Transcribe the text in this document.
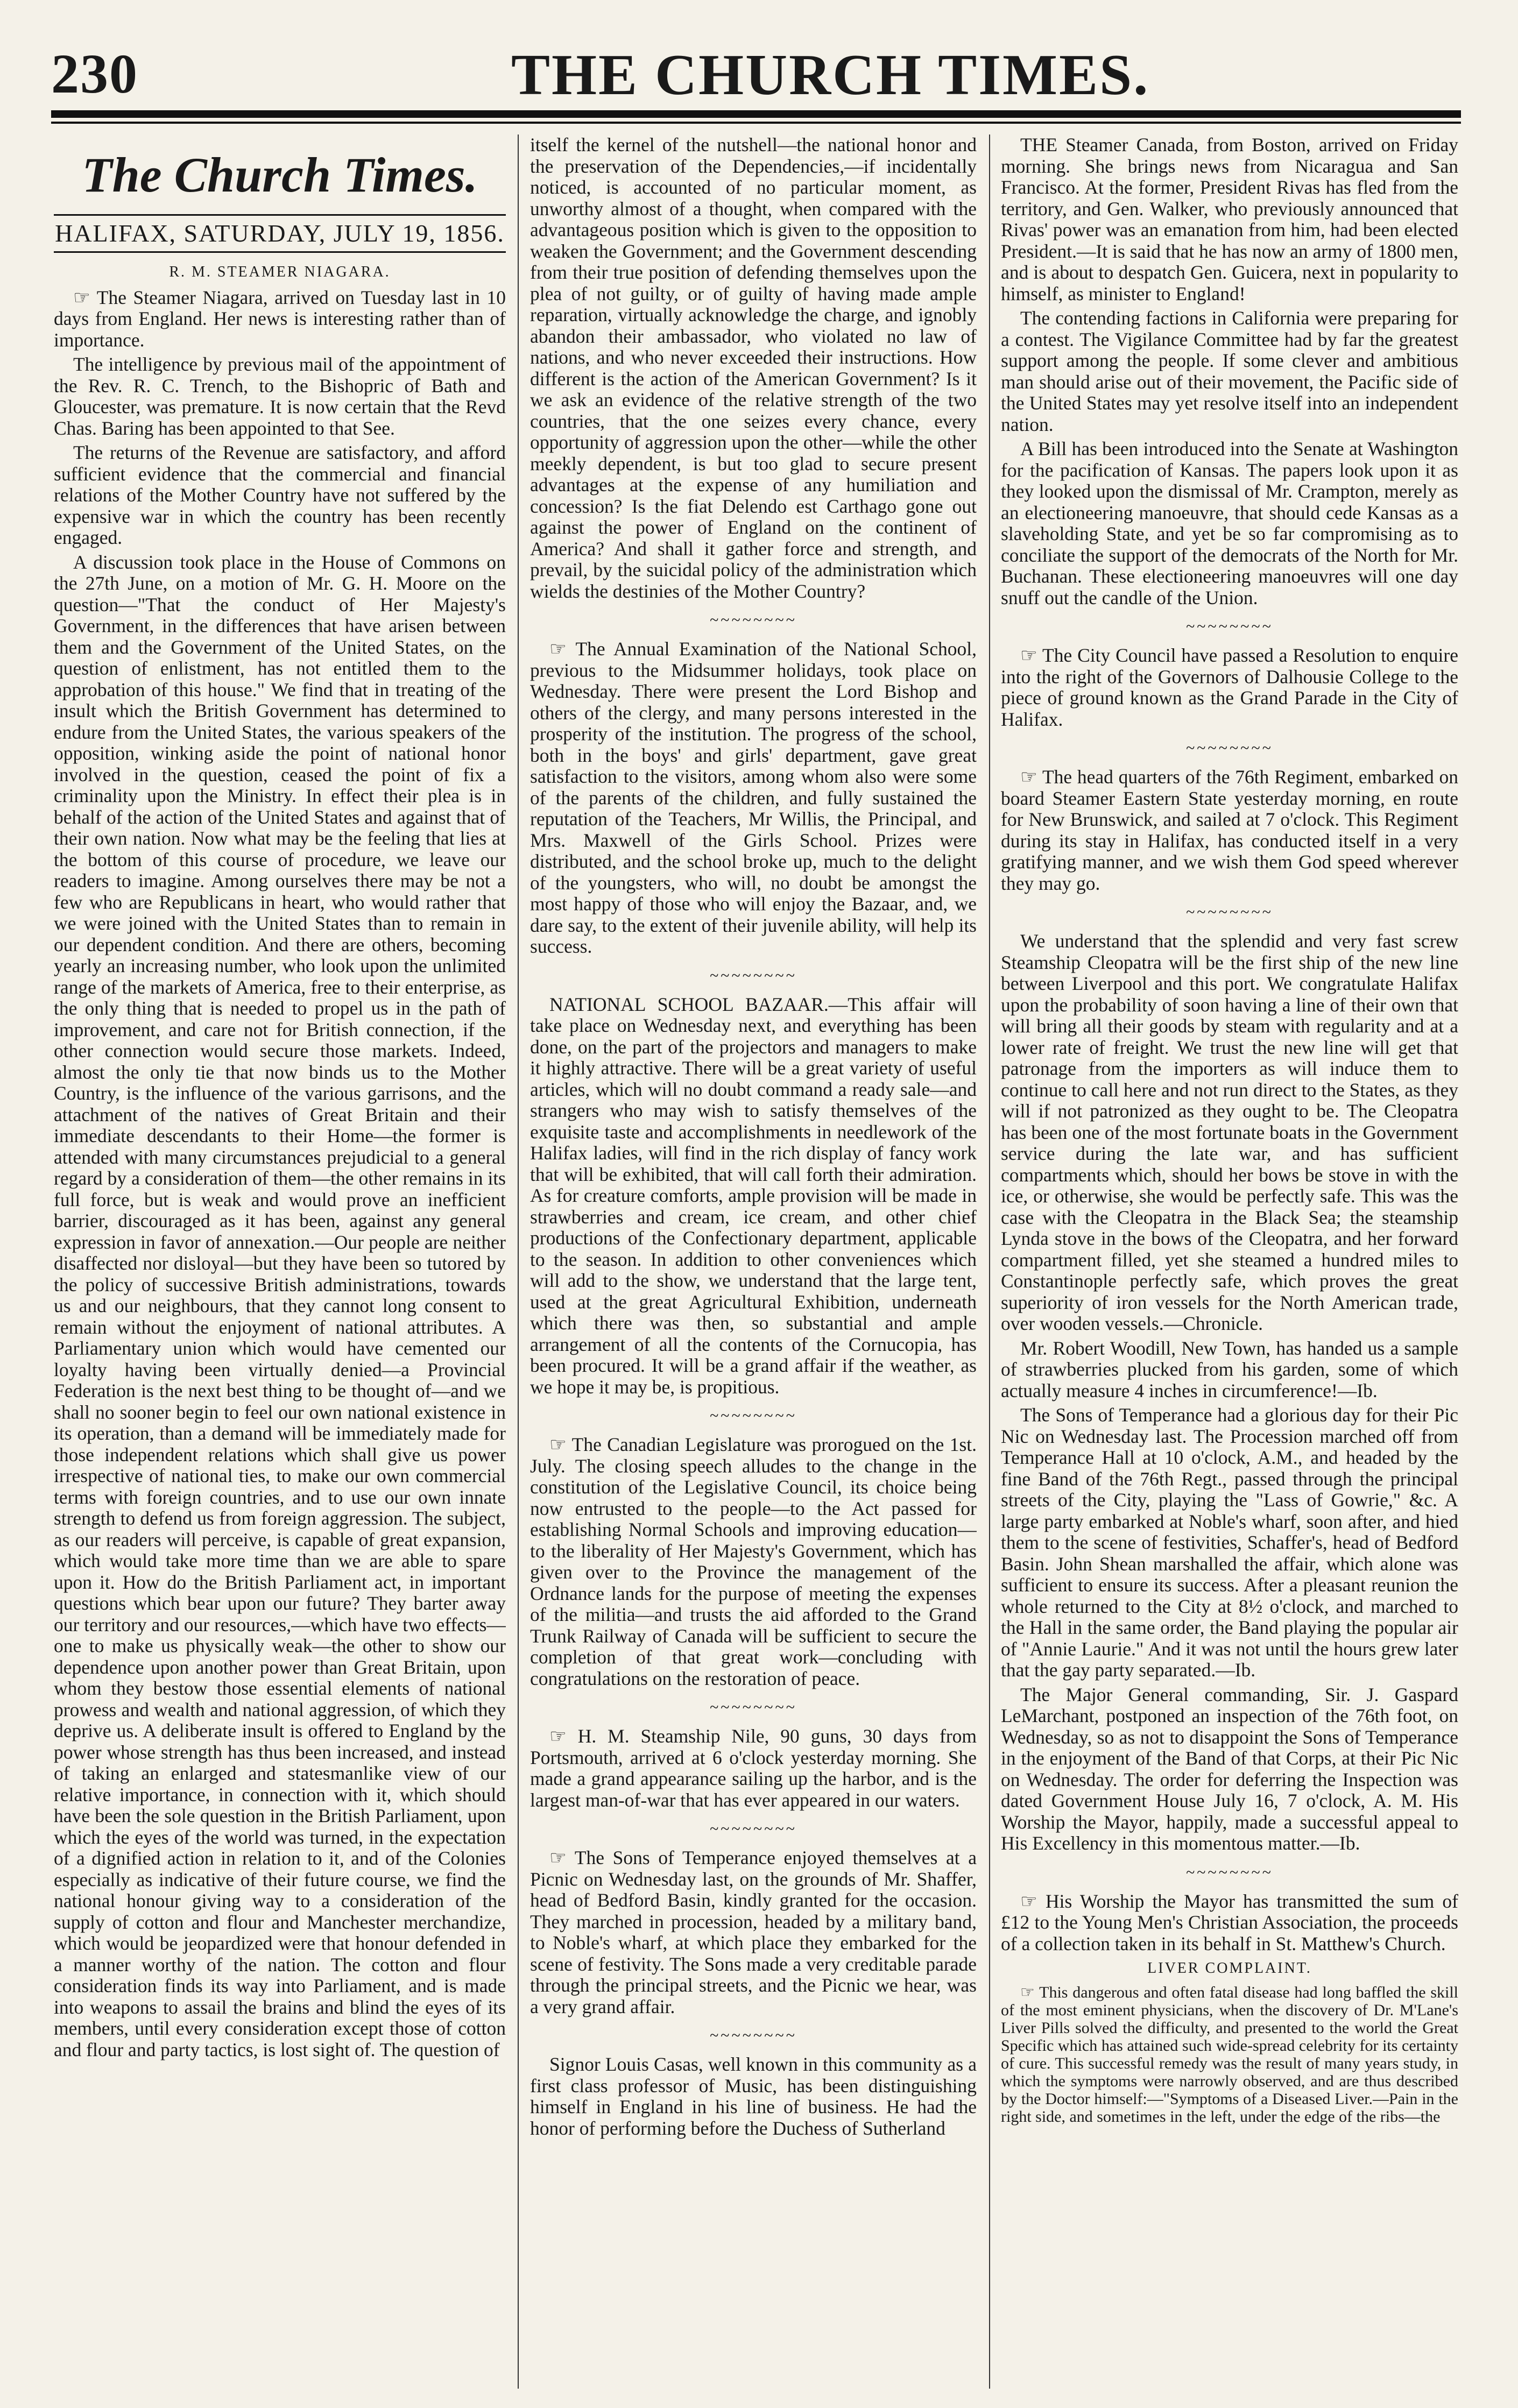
230	THE CHURCH TIMES.
The Church Times.
HALIFAX, SATURDAY, JULY 19, 1856.
R. M. STEAMER NIAGARA.

☞ The Steamer Niagara, arrived on Tuesday last in 10 days from England. Her news is interesting rather than of importance.

The intelligence by previous mail of the appointment of the Rev. R. C. Trench, to the Bishopric of Bath and Gloucester, was premature. It is now certain that the Revd Chas. Baring has been appointed to that See.

The returns of the Revenue are satisfactory, and afford sufficient evidence that the commercial and financial relations of the Mother Country have not suffered by the expensive war in which the country has been recently engaged.

A discussion took place in the House of Commons on the 27th June, on a motion of Mr. G. H. Moore on the question—"That the conduct of Her Majesty's Government, in the differences that have arisen between them and the Government of the United States, on the question of enlistment, has not entitled them to the approbation of this house." We find that in treating of the insult which the British Government has determined to endure from the United States, the various speakers of the opposition, winking aside the point of national honor involved in the question, ceased the point of fix a criminality upon the Ministry. In effect their plea is in behalf of the action of the United States and against that of their own nation. Now what may be the feeling that lies at the bottom of this course of procedure, we leave our readers to imagine. Among ourselves there may be not a few who are Republicans in heart, who would rather that we were joined with the United States than to remain in our dependent condition. And there are others, becoming yearly an increasing number, who look upon the unlimited range of the markets of America, free to their enterprise, as the only thing that is needed to propel us in the path of improvement, and care not for British connection, if the other connection would secure those markets. Indeed, almost the only tie that now binds us to the Mother Country, is the influence of the various garrisons, and the attachment of the natives of Great Britain and their immediate descendants to their Home—the former is attended with many circumstances prejudicial to a general regard by a consideration of them—the other remains in its full force, but is weak and would prove an inefficient barrier, discouraged as it has been, against any general expression in favor of annexation.—Our people are neither disaffected nor disloyal—but they have been so tutored by the policy of successive British administrations, towards us and our neighbours, that they cannot long consent to remain without the enjoyment of national attributes. A Parliamentary union which would have cemented our loyalty having been virtually denied—a Provincial Federation is the next best thing to be thought of—and we shall no sooner begin to feel our own national existence in its operation, than a demand will be immediately made for those independent relations which shall give us power irrespective of national ties, to make our own commercial terms with foreign countries, and to use our own innate strength to defend us from foreign aggression. The subject, as our readers will perceive, is capable of great expansion, which would take more time than we are able to spare upon it. How do the British Parliament act, in important questions which bear upon our future? They barter away our territory and our resources,—which have two effects—one to make us physically weak—the other to show our dependence upon another power than Great Britain, upon whom they bestow those essential elements of national prowess and wealth and national aggression, of which they deprive us. A deliberate insult is offered to England by the power whose strength has thus been increased, and instead of taking an enlarged and statesmanlike view of our relative importance, in connection with it, which should have been the sole question in the British Parliament, upon which the eyes of the world was turned, in the expectation of a dignified action in relation to it, and of the Colonies especially as indicative of their future course, we find the national honour giving way to a consideration of the supply of cotton and flour and Manchester merchandize, which would be jeopardized were that honour defended in a manner worthy of the nation. The cotton and flour consideration finds its way into Parliament, and is made into weapons to assail the brains and blind the eyes of its members, until every consideration except those of cotton and flour and party tactics, is lost sight of. The question of

itself the kernel of the nutshell—the national honor and the preservation of the Dependencies,—if incidentally noticed, is accounted of no particular moment, as unworthy almost of a thought, when compared with the advantageous position which is given to the opposition to weaken the Government; and the Government descending from their true position of defending themselves upon the plea of not guilty, or of guilty of having made ample reparation, virtually acknowledge the charge, and ignobly abandon their ambassador, who violated no law of nations, and who never exceeded their instructions. How different is the action of the American Government? Is it we ask an evidence of the relative strength of the two countries, that the one seizes every chance, every opportunity of aggression upon the other—while the other meekly dependent, is but too glad to secure present advantages at the expense of any humiliation and concession? Is the fiat Delendo est Carthago gone out against the power of England on the continent of America? And shall it gather force and strength, and prevail, by the suicidal policy of the administration which wields the destinies of the Mother Country?

~~~~~~~~

☞ The Annual Examination of the National School, previous to the Midsummer holidays, took place on Wednesday. There were present the Lord Bishop and others of the clergy, and many persons interested in the prosperity of the institution. The progress of the school, both in the boys' and girls' department, gave great satisfaction to the visitors, among whom also were some of the parents of the children, and fully sustained the reputation of the Teachers, Mr Willis, the Principal, and Mrs. Maxwell of the Girls School. Prizes were distributed, and the school broke up, much to the delight of the youngsters, who will, no doubt be amongst the most happy of those who will enjoy the Bazaar, and, we dare say, to the extent of their juvenile ability, will help its success.

~~~~~~~~

NATIONAL SCHOOL BAZAAR.—This affair will take place on Wednesday next, and everything has been done, on the part of the projectors and managers to make it highly attractive. There will be a great variety of useful articles, which will no doubt command a ready sale—and strangers who may wish to satisfy themselves of the exquisite taste and accomplishments in needlework of the Halifax ladies, will find in the rich display of fancy work that will be exhibited, that will call forth their admiration. As for creature comforts, ample provision will be made in strawberries and cream, ice cream, and other chief productions of the Confectionary department, applicable to the season. In addition to other conveniences which will add to the show, we understand that the large tent, used at the great Agricultural Exhibition, underneath which there was then, so substantial and ample arrangement of all the contents of the Cornucopia, has been procured. It will be a grand affair if the weather, as we hope it may be, is propitious.

~~~~~~~~

☞ The Canadian Legislature was prorogued on the 1st. July. The closing speech alludes to the change in the constitution of the Legislative Council, its choice being now entrusted to the people—to the Act passed for establishing Normal Schools and improving education—to the liberality of Her Majesty's Government, which has given over to the Province the management of the Ordnance lands for the purpose of meeting the expenses of the militia—and trusts the aid afforded to the Grand Trunk Railway of Canada will be sufficient to secure the completion of that great work—concluding with congratulations on the restoration of peace.

~~~~~~~~

☞ H. M. Steamship Nile, 90 guns, 30 days from Portsmouth, arrived at 6 o'clock yesterday morning. She made a grand appearance sailing up the harbor, and is the largest man-of-war that has ever appeared in our waters.

~~~~~~~~

☞ The Sons of Temperance enjoyed themselves at a Picnic on Wednesday last, on the grounds of Mr. Shaffer, head of Bedford Basin, kindly granted for the occasion. They marched in procession, headed by a military band, to Noble's wharf, at which place they embarked for the scene of festivity. The Sons made a very creditable parade through the principal streets, and the Picnic we hear, was a very grand affair.

~~~~~~~~

Signor Louis Casas, well known in this community as a first class professor of Music, has been distinguishing himself in England in his line of business. He had the honor of performing before the Duchess of Sutherland

THE Steamer Canada, from Boston, arrived on Friday morning. She brings news from Nicaragua and San Francisco. At the former, President Rivas has fled from the territory, and Gen. Walker, who previously announced that Rivas' power was an emanation from him, had been elected President.—It is said that he has now an army of 1800 men, and is about to despatch Gen. Guicera, next in popularity to himself, as minister to England!

The contending factions in California were preparing for a contest. The Vigilance Committee had by far the greatest support among the people. If some clever and ambitious man should arise out of their movement, the Pacific side of the United States may yet resolve itself into an independent nation.

A Bill has been introduced into the Senate at Washington for the pacification of Kansas. The papers look upon it as they looked upon the dismissal of Mr. Crampton, merely as an electioneering manoeuvre, that should cede Kansas as a slaveholding State, and yet be so far compromising as to conciliate the support of the democrats of the North for Mr. Buchanan. These electioneering manoeuvres will one day snuff out the candle of the Union.

~~~~~~~~

☞ The City Council have passed a Resolution to enquire into the right of the Governors of Dalhousie College to the piece of ground known as the Grand Parade in the City of Halifax.

~~~~~~~~

☞ The head quarters of the 76th Regiment, embarked on board Steamer Eastern State yesterday morning, en route for New Brunswick, and sailed at 7 o'clock. This Regiment during its stay in Halifax, has conducted itself in a very gratifying manner, and we wish them God speed wherever they may go.

~~~~~~~~

We understand that the splendid and very fast screw Steamship Cleopatra will be the first ship of the new line between Liverpool and this port. We congratulate Halifax upon the probability of soon having a line of their own that will bring all their goods by steam with regularity and at a lower rate of freight. We trust the new line will get that patronage from the importers as will induce them to continue to call here and not run direct to the States, as they will if not patronized as they ought to be. The Cleopatra has been one of the most fortunate boats in the Government service during the late war, and has sufficient compartments which, should her bows be stove in with the ice, or otherwise, she would be perfectly safe. This was the case with the Cleopatra in the Black Sea; the steamship Lynda stove in the bows of the Cleopatra, and her forward compartment filled, yet she steamed a hundred miles to Constantinople perfectly safe, which proves the great superiority of iron vessels for the North American trade, over wooden vessels.—Chronicle.

Mr. Robert Woodill, New Town, has handed us a sample of strawberries plucked from his garden, some of which actually measure 4 inches in circumference!—Ib.

The Sons of Temperance had a glorious day for their Pic Nic on Wednesday last. The Procession marched off from Temperance Hall at 10 o'clock, A.M., and headed by the fine Band of the 76th Regt., passed through the principal streets of the City, playing the "Lass of Gowrie," &c. A large party embarked at Noble's wharf, soon after, and hied them to the scene of festivities, Schaffer's, head of Bedford Basin. John Shean marshalled the affair, which alone was sufficient to ensure its success. After a pleasant reunion the whole returned to the City at 8½ o'clock, and marched to the Hall in the same order, the Band playing the popular air of "Annie Laurie." And it was not until the hours grew later that the gay party separated.—Ib.

The Major General commanding, Sir. J. Gaspard LeMarchant, postponed an inspection of the 76th foot, on Wednesday, so as not to disappoint the Sons of Temperance in the enjoyment of the Band of that Corps, at their Pic Nic on Wednesday. The order for deferring the Inspection was dated Government House July 16, 7 o'clock, A. M. His Worship the Mayor, happily, made a successful appeal to His Excellency in this momentous matter.—Ib.

~~~~~~~~

☞ His Worship the Mayor has transmitted the sum of £12 to the Young Men's Christian Association, the proceeds of a collection taken in its behalf in St. Matthew's Church.

LIVER COMPLAINT.

☞ This dangerous and often fatal disease had long baffled the skill of the most eminent physicians, when the discovery of Dr. M'Lane's Liver Pills solved the difficulty, and presented to the world the Great Specific which has attained such wide-spread celebrity for its certainty of cure. This successful remedy was the result of many years study, in which the symptoms were narrowly observed, and are thus described by the Doctor himself:—"Symptoms of a Diseased Liver.—Pain in the right side, and sometimes in the left, under the edge of the ribs—the
